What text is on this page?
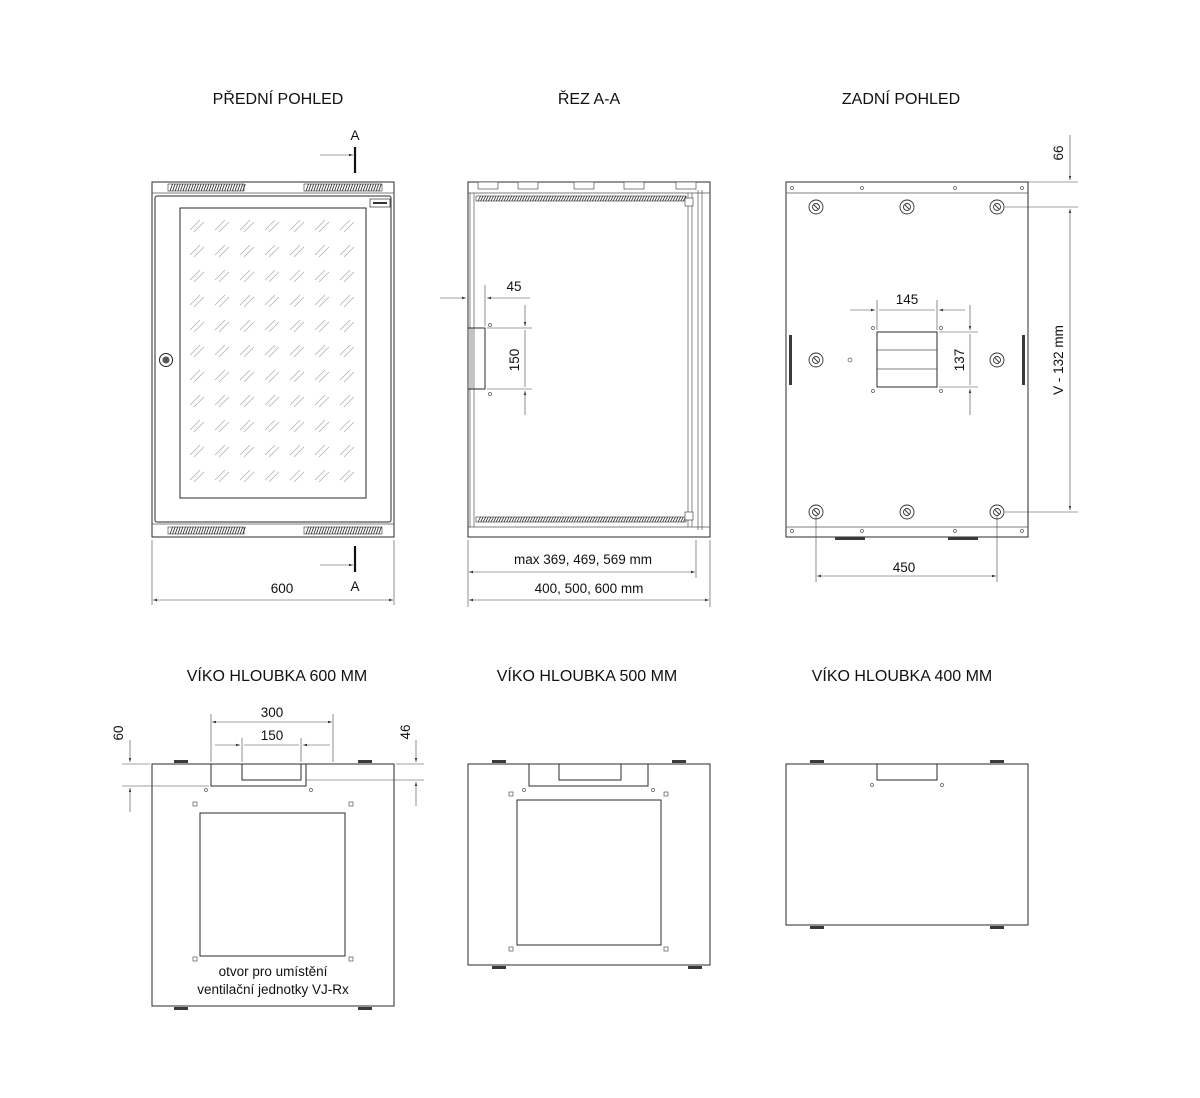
PŘEDNÍ POHLED	ŘEZ A-A	ZADNÍ POHLED
VÍKO HLOUBKA 600 MM	VÍKO HLOUBKA 500 MM	VÍKO HLOUBKA 400 MM
A
A
600
45
150
max 369, 469, 569 mm
400, 500, 600 mm
145
137
66
V - 132 mm
450
otvor pro umístění
ventilační jednotky VJ-Rx
300
150
60	46
